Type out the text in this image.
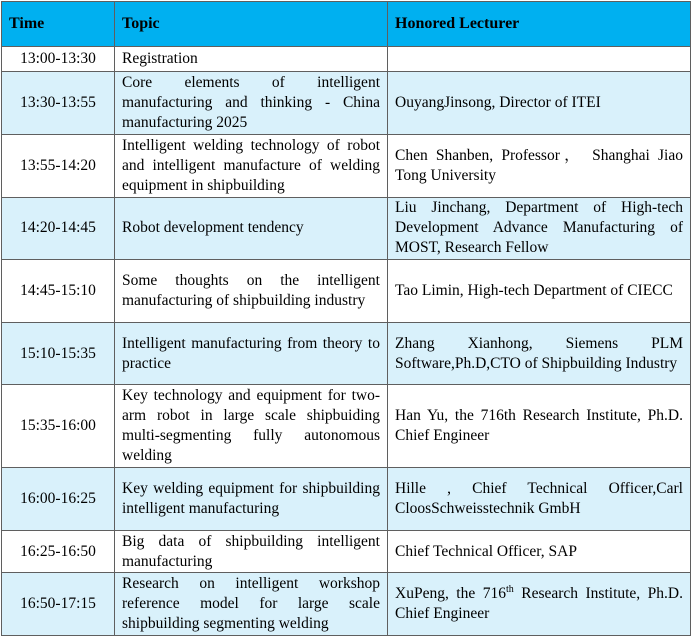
Time	Topic	Honored Lecturer
13:00-13:30	Registration	
13:30-13:55	Core elements of intelligent manufacturing and thinking - China manufacturing 2025	OuyangJinsong, Director of ITEI
13:55-14:20	Intelligent welding technology of robot and intelligent manufacture of welding equipment in shipbuilding	Chen Shanben, Professor， Shanghai Jiao Tong University
14:20-14:45	Robot development tendency	Liu Jinchang, Department of High-tech Development Advance Manufacturing of MOST, Research Fellow
14:45-15:10	Some thoughts on the intelligent manufacturing of shipbuilding industry	Tao Limin, High-tech Department of CIECC
15:10-15:35	Intelligent manufacturing from theory to practice	Zhang Xianhong, Siemens PLM Software,Ph.D,CTO of Shipbuilding Industry
15:35-16:00	Key technology and equipment for two-arm robot in large scale shipbuiding multi-segmenting fully autonomous welding	Han Yu, the 716th Research Institute, Ph.D. Chief Engineer
16:00-16:25	Key welding equipment for shipbuilding intelligent manufacturing	Hille , Chief Technical Officer,Carl CloosSchweisstechnik GmbH
16:25-16:50	Big data of shipbuilding intelligent manufacturing	Chief Technical Officer, SAP
16:50-17:15	Research on intelligent workshop reference model for large scale shipbuilding segmenting welding	XuPeng, the 716th Research Institute, Ph.D. Chief Engineer
